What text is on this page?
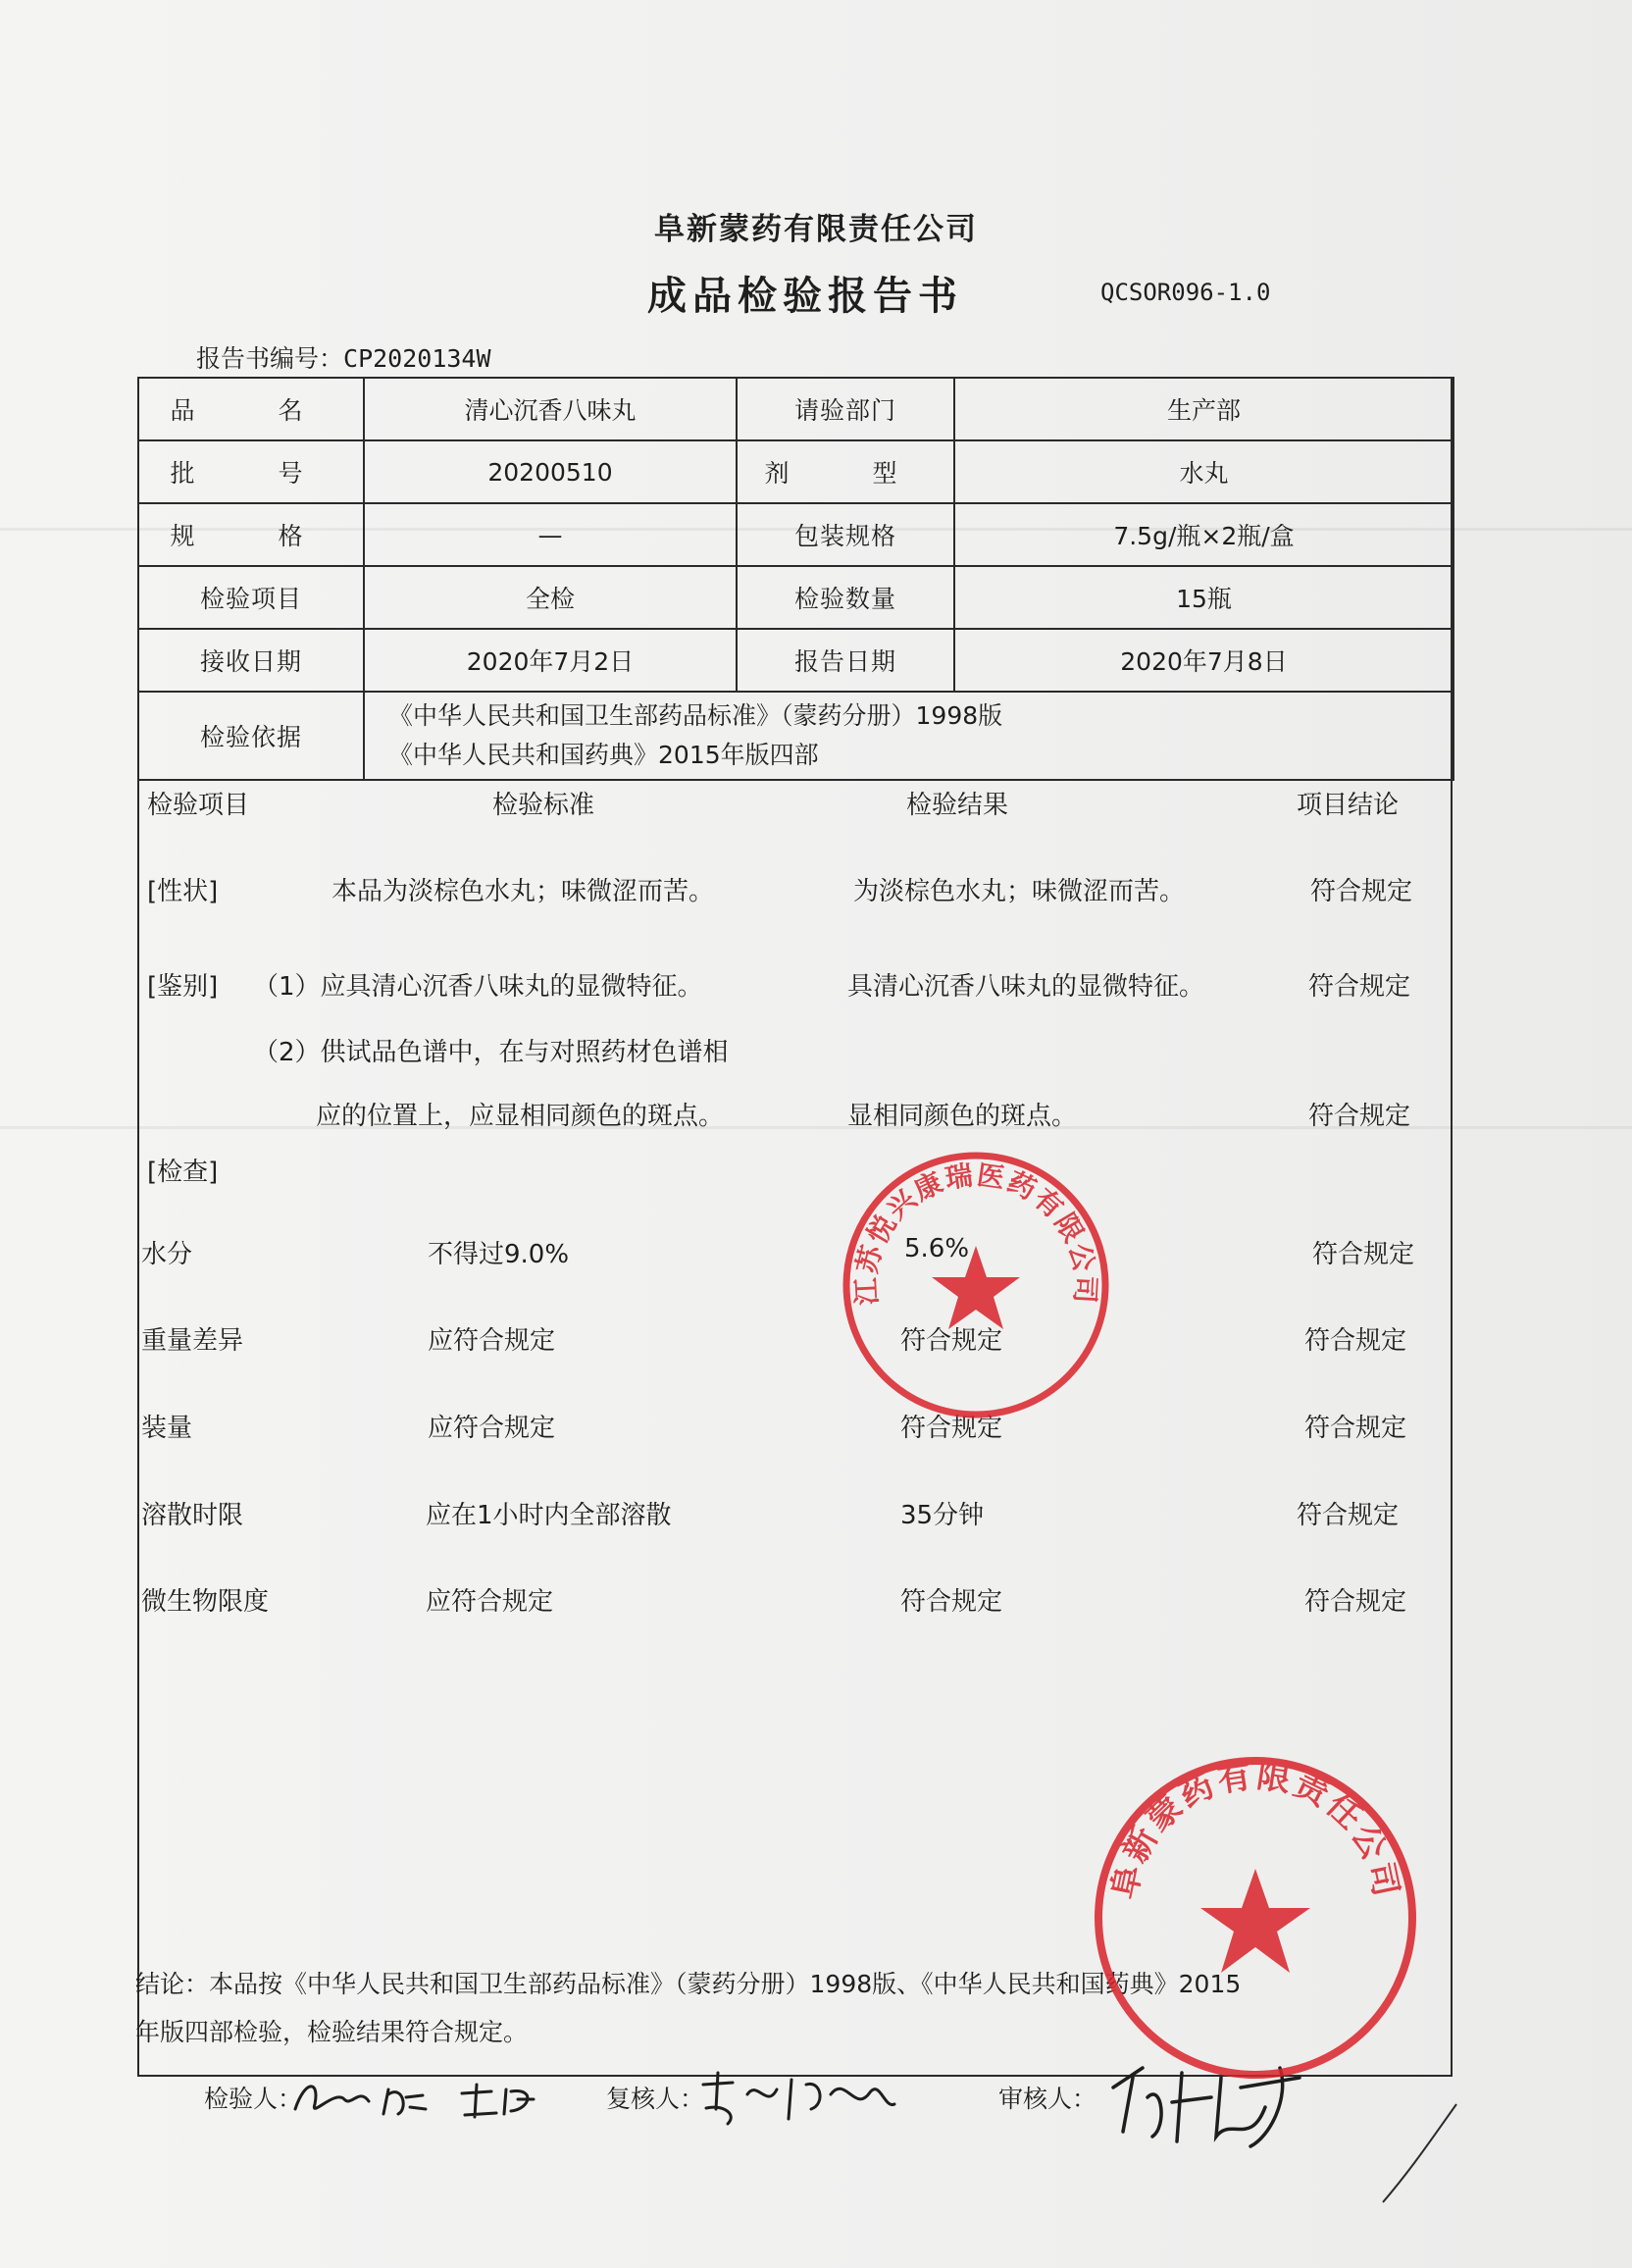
阜新蒙药有限责任公司
成品检验报告书	QCSOR096-1.0
报告书编号：CP2020134W
品　名	清心沉香八味丸	请验部门	生产部
批　号	20200510	剂　型	水丸
规　格	—	包装规格	7.5g/瓶×2瓶/盒
检验项目	全检	检验数量	15瓶
接收日期	2020年7月2日	报告日期	2020年7月8日
检验依据	《中华人民共和国卫生部药品标准》（蒙药分册）1998版
《中华人民共和国药典》2015年版四部		
检验项目	检验标准	检验结果	项目结论
[性状]	本品为淡棕色水丸；味微涩而苦。	为淡棕色水丸；味微涩而苦。	符合规定
[鉴别] （1）应具清心沉香八味丸的显微特征。	具清心沉香八味丸的显微特征。	符合规定
（2）供试品色谱中，在与对照药材色谱相
应的位置上，应显相同颜色的斑点。	显相同颜色的斑点。	符合规定
[检查]
水分	不得过9.0%	5.6%	符合规定
重量差异	应符合规定	符合规定	符合规定
装量	应符合规定	符合规定	符合规定
溶散时限	应在1小时内全部溶散	35分钟	符合规定
微生物限度	应符合规定	符合规定	符合规定
结论：本品按《中华人民共和国卫生部药品标准》（蒙药分册）1998版、《中华人民共和国药典》2015
年版四部检验，检验结果符合规定。
检验人：	复核人：	审核人：
江苏悦兴康瑞医药有限公司
阜新蒙药有限责任公司
